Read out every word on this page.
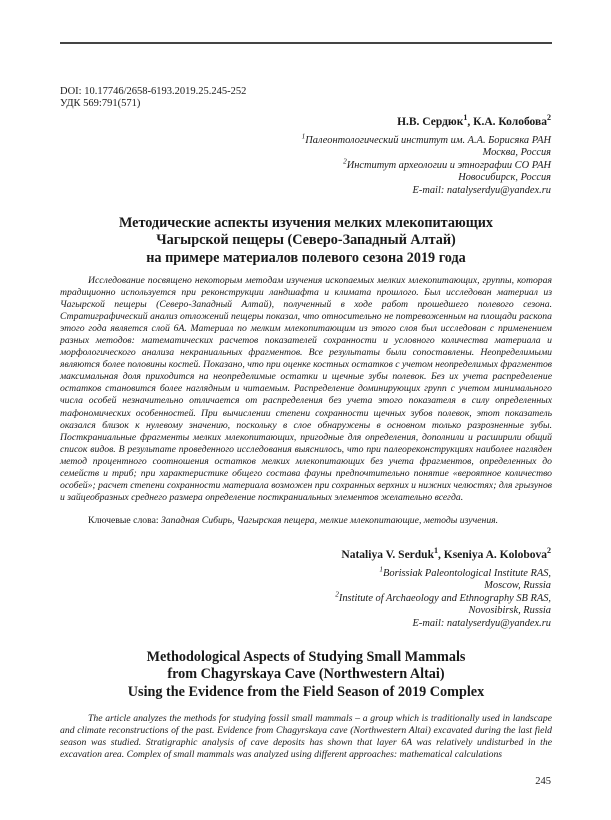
DOI: 10.17746/2658-6193.2019.25.245-252
УДК 569:791(571)
Н.В. Сердюк$^1$, К.А. Колобова$^2$
$^1$Палеонтологический институт им. А.А. Борисяка РАН
Москва, Россия
$^2$Институт археологии и этнографии СО РАН
Новосибирск, Россия
E-mail: natalyserdyu@yandex.ru
Методические аспекты изучения мелких млекопитающих
Чагырской пещеры (Северо-Западный Алтай)
на примере материалов полевого сезона 2019 года

Исследование посвящено некоторым методам изучения ископаемых мелких млекопитающих, группы, которая традиционно используется при реконструкции ландшафта и климата прошлого. Был исследован материал из Чагырской пещеры (Северо-Западный Алтай), полученный в ходе работ прошедшего полевого сезона. Стратиграфический анализ отложений пещеры показал, что относительно не потревоженным на площади раскопа этого года является слой 6А. Материал по мелким млекопитающим из этого слоя был исследован с применением разных методов: математических расчетов показателей сохранности и условного количества материала и морфологического анализа некраниальных фрагментов. Все результаты были сопоставлены. Неопределимыми являются более половины костей. Показано, что при оценке костных остатков с учетом неопределимых фрагментов максимальная доля приходится на неопределимые остатки и щечные зубы полевок. Без их учета распределение остатков становится более наглядным и читаемым. Распределение доминирующих групп с учетом минимального числа особей незначительно отличается от распределения без учета этого показателя в силу определенных тафономических особенностей. При вычислении степени сохранности щечных зубов полевок, этот показатель оказался близок к нулевому значению, поскольку в слое обнаружены в основном только разрозненные зубы. Посткраниальные фрагменты мелких млекопитающих, пригодные для определения, дополнили и расширили общий список видов. В результате проведенного исследования выяснилось, что при палеореконструкциях наиболее нагляден метод процентного соотношения остатков мелких млекопитающих без учета фрагментов, определенных до семейств и триб; при характеристике общего состава фауны предпочтительно понятие «вероятное количество особей»; расчет степени сохранности материала возможен при сохранных верхних и нижних челюстях; для грызунов и зайцеобразных среднего размера определение посткраниальных элементов желательно всегда.

Ключевые слова: Западная Сибирь, Чагырская пещера, мелкие млекопитающие, методы изучения.
Nataliya V. Serduk$^1$, Kseniya A. Kolobova$^2$
$^1$Borissiak Paleontological Institute RAS,
Moscow, Russia
$^2$Institute of Archaeology and Ethnography SB RAS,
Novosibirsk, Russia
E-mail: natalyserdyu@yandex.ru
Methodological Aspects of Studying Small Mammals
from Chagyrskaya Cave (Northwestern Altai)
Using the Evidence from the Field Season of 2019 Complex

The article analyzes the methods for studying fossil small mammals – a group which is traditionally used in landscape and climate reconstructions of the past. Evidence from Chagyrskaya cave (Northwestern Altai) excavated during the last field season was studied. Stratigraphic analysis of cave deposits has shown that layer 6A was relatively undisturbed in the excavation area. Complex of small mammals was analyzed using different approaches: mathematical calculations

245
